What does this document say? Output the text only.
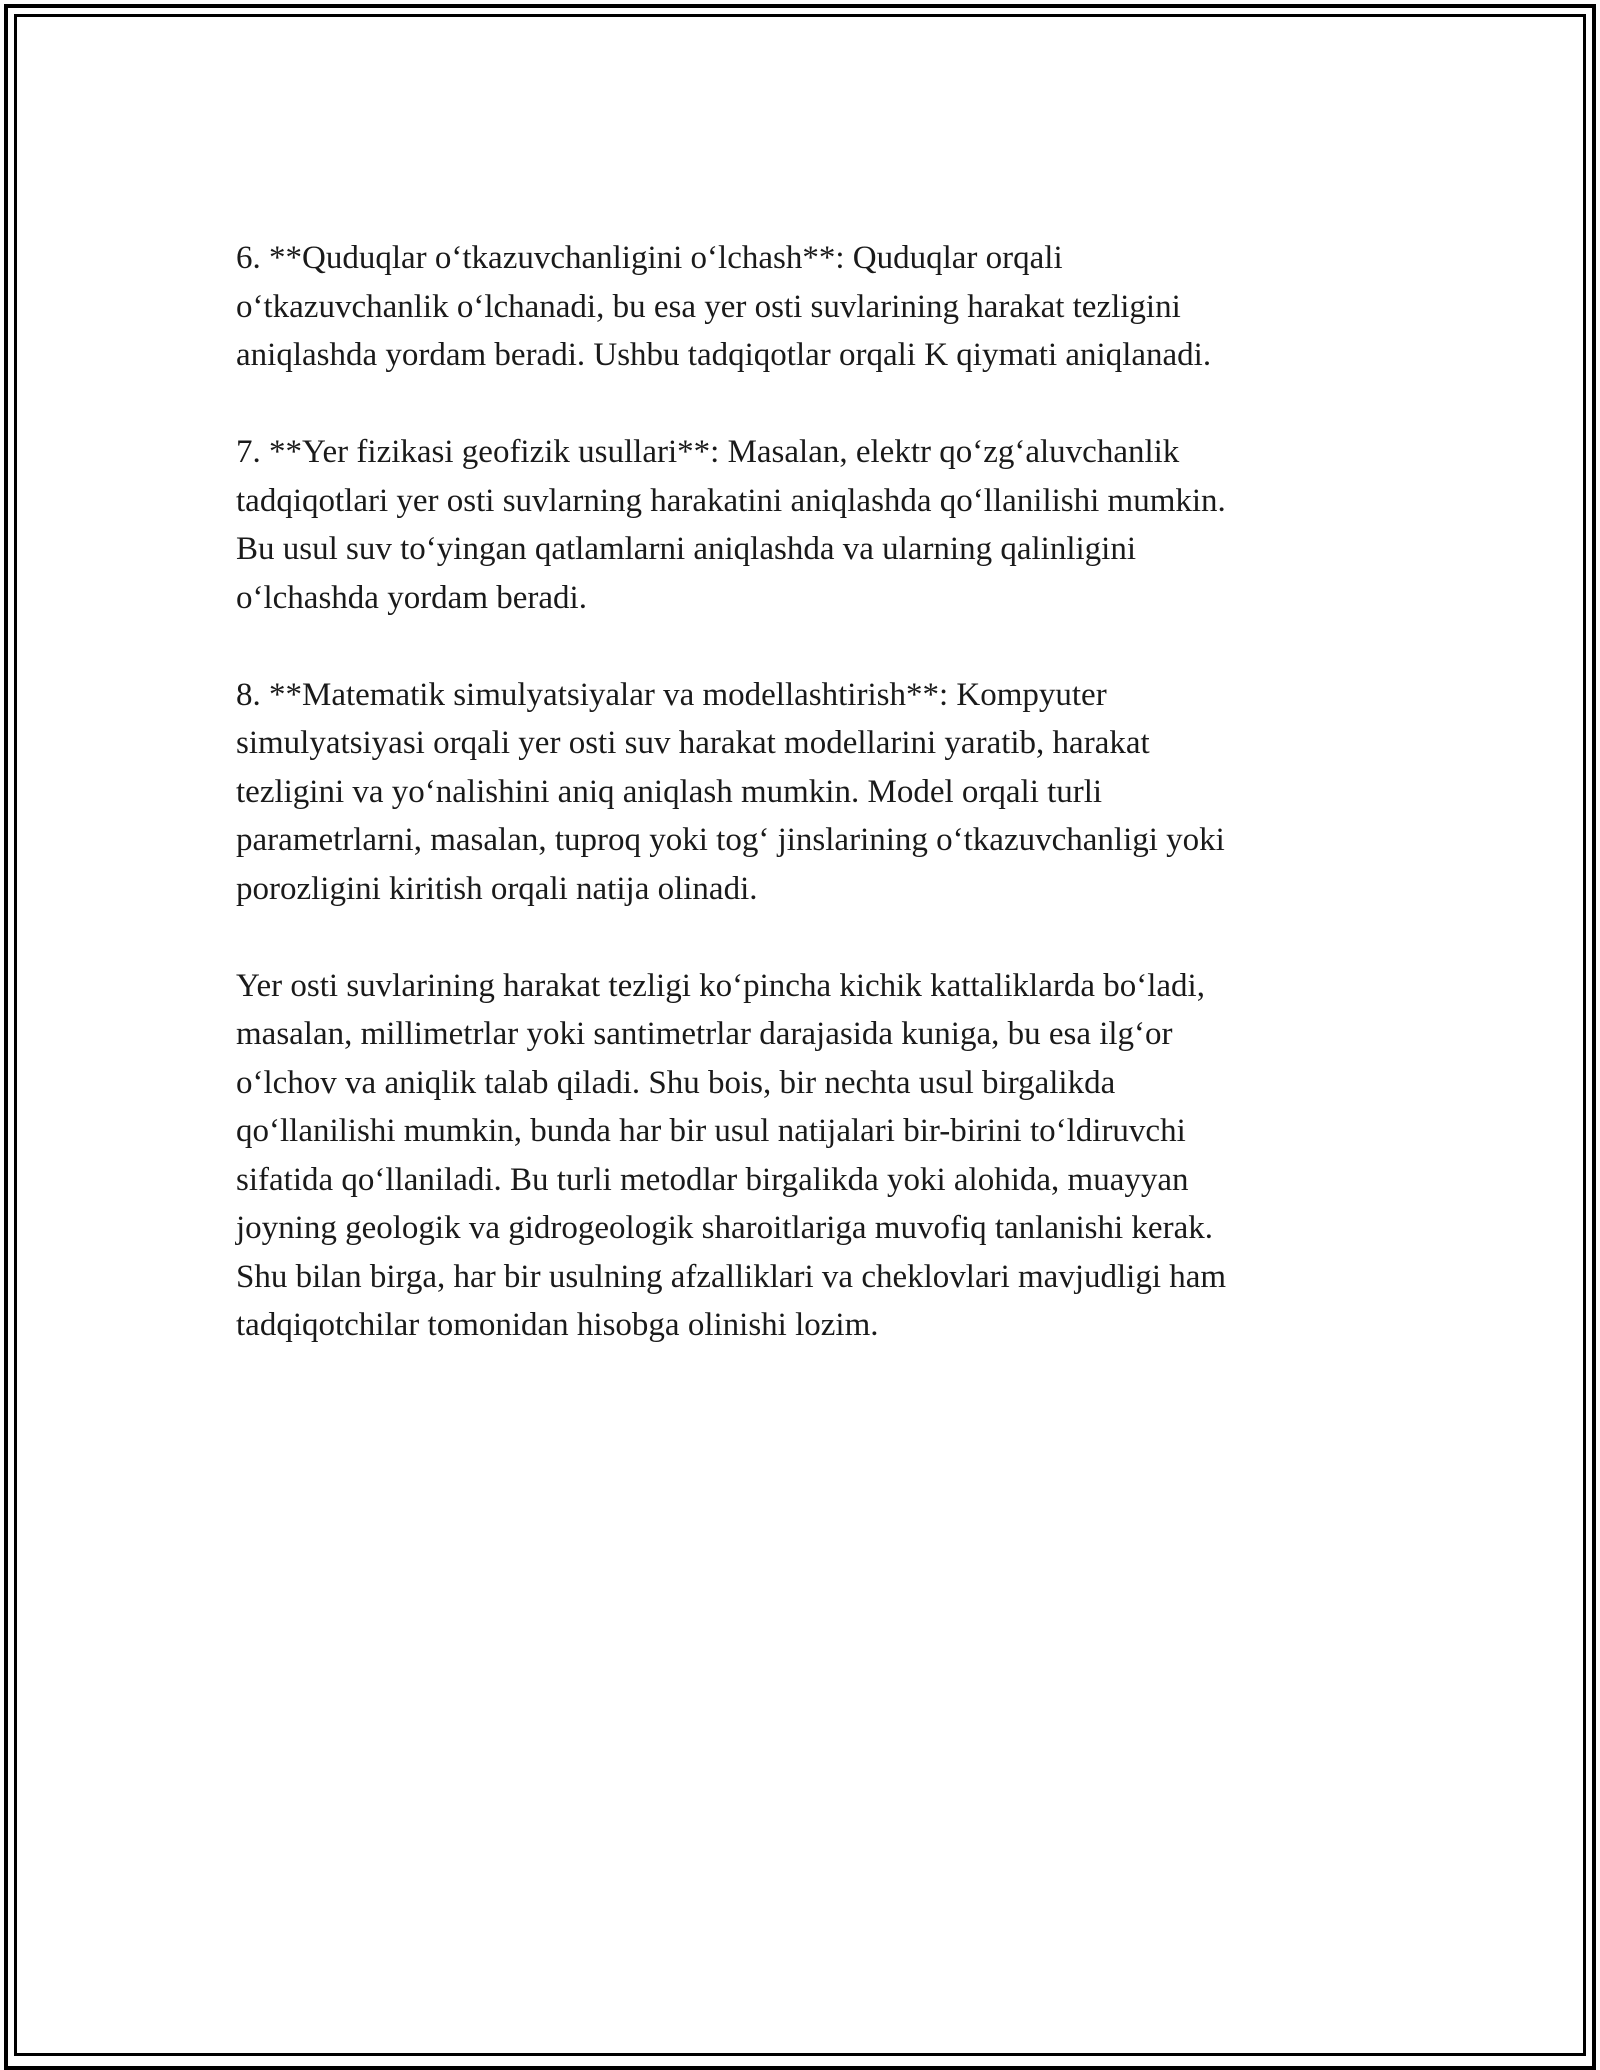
6. **Quduqlar o‘tkazuvchanligini o‘lchash**: Quduqlar orqali
o‘tkazuvchanlik o‘lchanadi, bu esa yer osti suvlarining harakat tezligini
aniqlashda yordam beradi. Ushbu tadqiqotlar orqali K qiymati aniqlanadi.

7. **Yer fizikasi geofizik usullari**: Masalan, elektr qo‘zg‘aluvchanlik
tadqiqotlari yer osti suvlarning harakatini aniqlashda qo‘llanilishi mumkin.
Bu usul suv to‘yingan qatlamlarni aniqlashda va ularning qalinligini
o‘lchashda yordam beradi.

8. **Matematik simulyatsiyalar va modellashtirish**: Kompyuter
simulyatsiyasi orqali yer osti suv harakat modellarini yaratib, harakat
tezligini va yo‘nalishini aniq aniqlash mumkin. Model orqali turli
parametrlarni, masalan, tuproq yoki tog‘ jinslarining o‘tkazuvchanligi yoki
porozligini kiritish orqali natija olinadi.

Yer osti suvlarining harakat tezligi ko‘pincha kichik kattaliklarda bo‘ladi,
masalan, millimetrlar yoki santimetrlar darajasida kuniga, bu esa ilg‘or
o‘lchov va aniqlik talab qiladi. Shu bois, bir nechta usul birgalikda
qo‘llanilishi mumkin, bunda har bir usul natijalari bir-birini to‘ldiruvchi
sifatida qo‘llaniladi. Bu turli metodlar birgalikda yoki alohida, muayyan
joyning geologik va gidrogeologik sharoitlariga muvofiq tanlanishi kerak.
Shu bilan birga, har bir usulning afzalliklari va cheklovlari mavjudligi ham
tadqiqotchilar tomonidan hisobga olinishi lozim.
